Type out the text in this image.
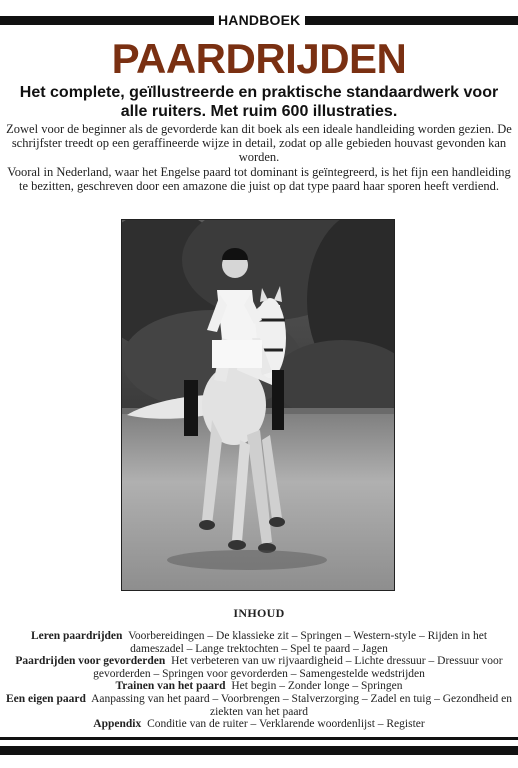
HANDBOEK
PAARDRIJDEN
Het complete, geïllustreerde en praktische standaardwerk voor alle ruiters. Met ruim 600 illustraties.

Zowel voor de beginner als de gevorderde kan dit boek als een ideale handleiding worden gezien. De schrijfster treedt op een geraffineerde wijze in detail, zodat op alle gebieden houvast gevonden kan worden.

Vooral in Nederland, waar het Engelse paard tot dominant is geïntegreerd, is het fijn een handleiding te bezitten, geschreven door een amazone die juist op dat type paard haar sporen heeft verdiend.

INHOUD
Leren paardrijden Voorbereidingen – De klassieke zit – Springen – Western-style – Rijden in het dameszadel – Lange trektochten – Spel te paard – Jagen
Paardrijden voor gevorderden Het verbeteren van uw rijvaardigheid – Lichte dressuur – Dressuur voor gevorderden – Springen voor gevorderden – Samengestelde wedstrijden
Trainen van het paard Het begin – Zonder longe – Springen
Een eigen paard Aanpassing van het paard – Voorbrengen – Stalverzorging – Zadel en tuig – Gezondheid en ziekten van het paard
Appendix Conditie van de ruiter – Verklarende woordenlijst – Register
